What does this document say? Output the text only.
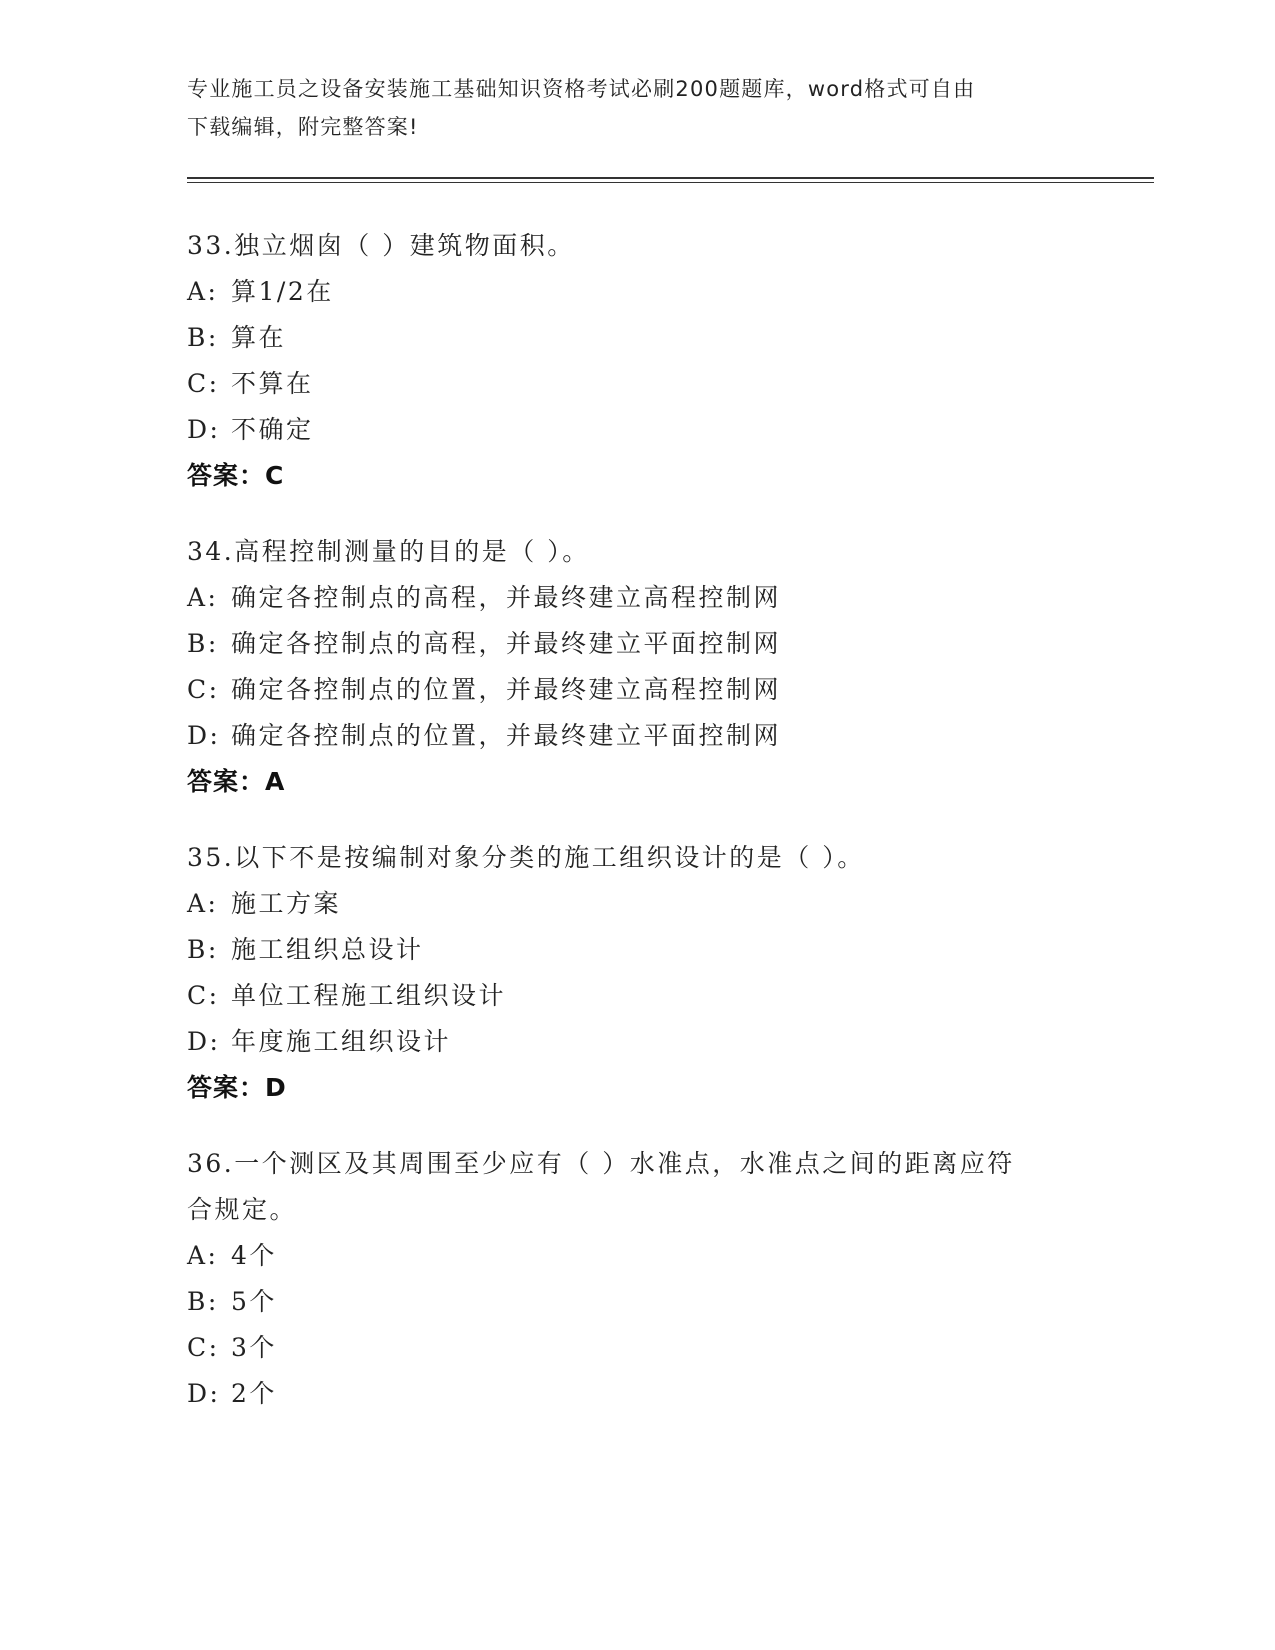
专业施工员之设备安装施工基础知识资格考试必刷200题题库，word格式可自由
下载编辑，附完整答案!

33.独立烟囱（ ）建筑物面积。

A: 算1/2在

B: 算在

C: 不算在

D: 不确定

答案：C

34.高程控制测量的目的是（ ）。

A: 确定各控制点的高程，并最终建立高程控制网

B: 确定各控制点的高程，并最终建立平面控制网

C: 确定各控制点的位置，并最终建立高程控制网

D: 确定各控制点的位置，并最终建立平面控制网

答案：A

35.以下不是按编制对象分类的施工组织设计的是（ ）。

A: 施工方案

B: 施工组织总设计

C: 单位工程施工组织设计

D: 年度施工组织设计

答案：D

36.一个测区及其周围至少应有（ ）水准点，水准点之间的距离应符

合规定。

A: 4个

B: 5个

C: 3个

D: 2个
